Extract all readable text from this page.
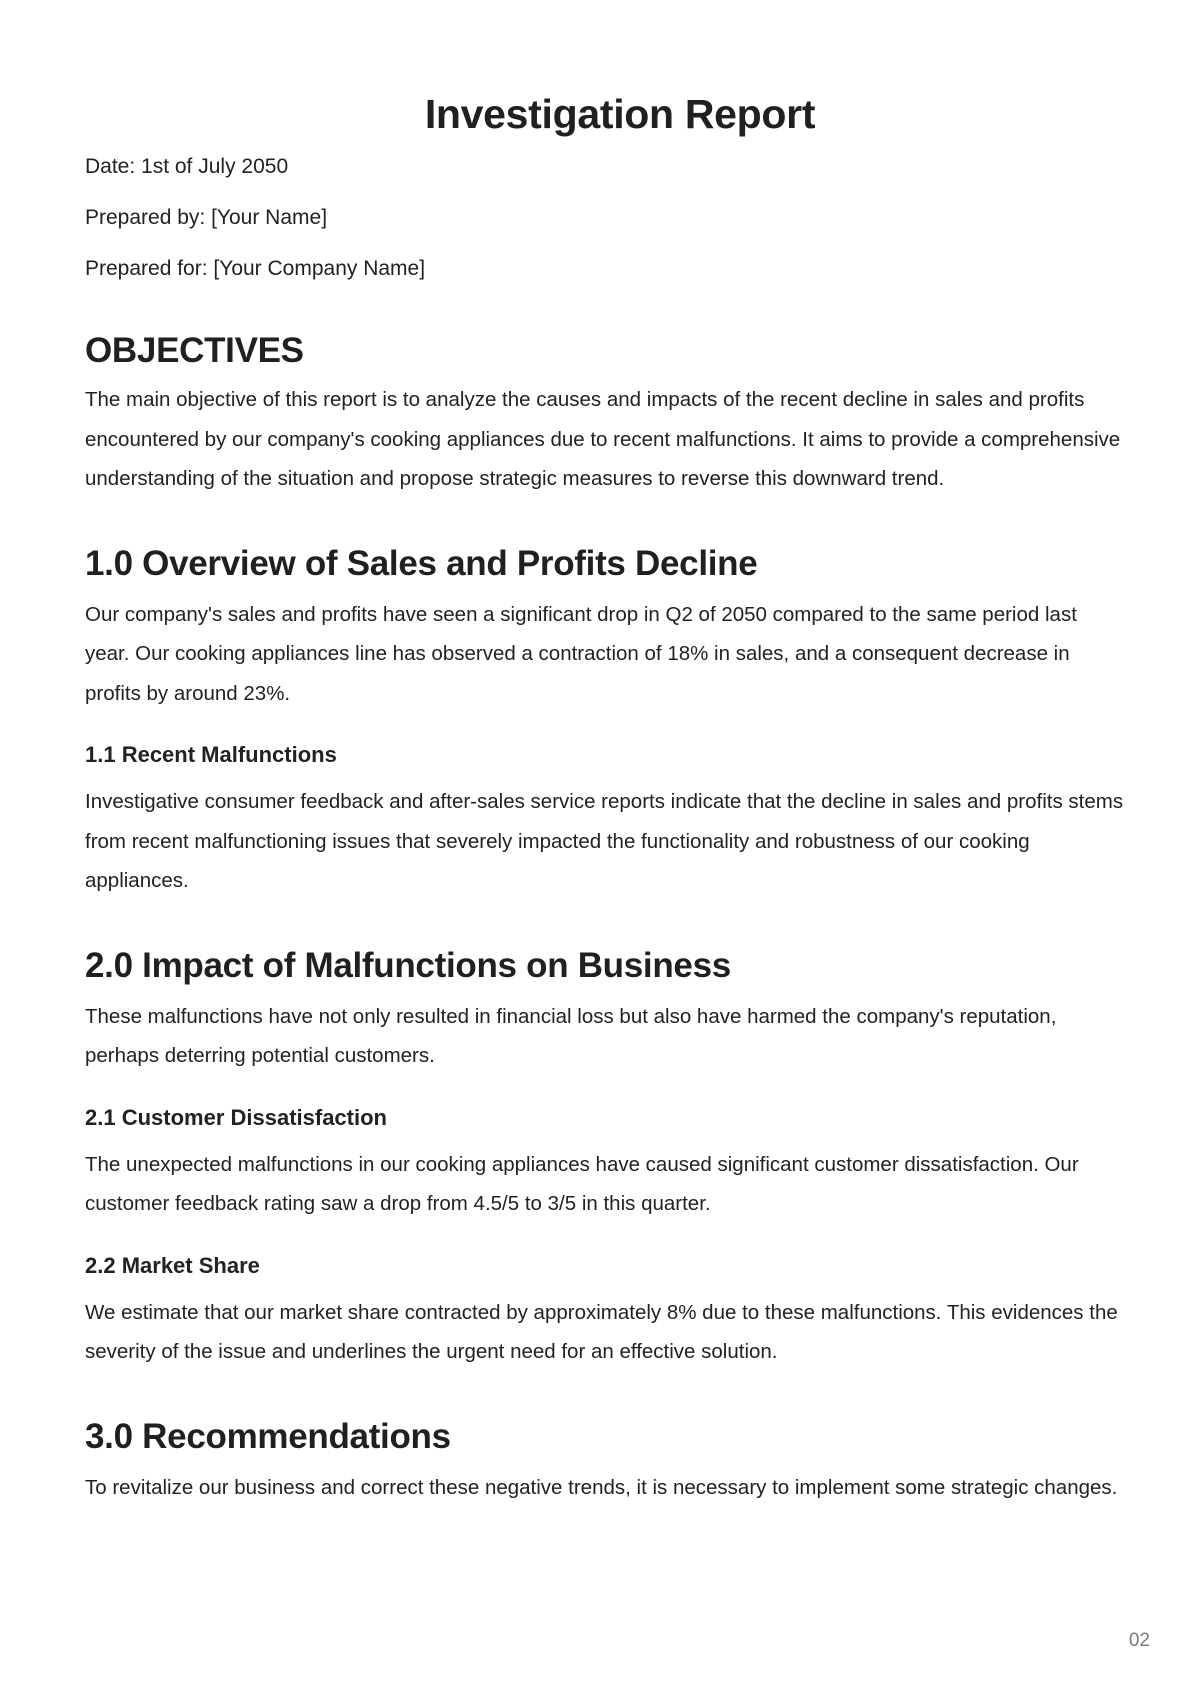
Investigation Report

Date: 1st of July 2050

Prepared by: [Your Name]

Prepared for: [Your Company Name]

OBJECTIVES

The main objective of this report is to analyze the causes and impacts of the recent decline in sales and profits encountered by our company's cooking appliances due to recent malfunctions. It aims to provide a comprehensive understanding of the situation and propose strategic measures to reverse this downward trend.

1.0 Overview of Sales and Profits Decline

Our company's sales and profits have seen a significant drop in Q2 of 2050 compared to the same period last year. Our cooking appliances line has observed a contraction of 18% in sales, and a consequent decrease in profits by around 23%.

1.1 Recent Malfunctions

Investigative consumer feedback and after-sales service reports indicate that the decline in sales and profits stems from recent malfunctioning issues that severely impacted the functionality and robustness of our cooking appliances.

2.0 Impact of Malfunctions on Business

These malfunctions have not only resulted in financial loss but also have harmed the company's reputation, perhaps deterring potential customers.

2.1 Customer Dissatisfaction

The unexpected malfunctions in our cooking appliances have caused significant customer dissatisfaction. Our customer feedback rating saw a drop from 4.5/5 to 3/5 in this quarter.

2.2 Market Share

We estimate that our market share contracted by approximately 8% due to these malfunctions. This evidences the severity of the issue and underlines the urgent need for an effective solution.

3.0 Recommendations

To revitalize our business and correct these negative trends, it is necessary to implement some strategic changes.

02
